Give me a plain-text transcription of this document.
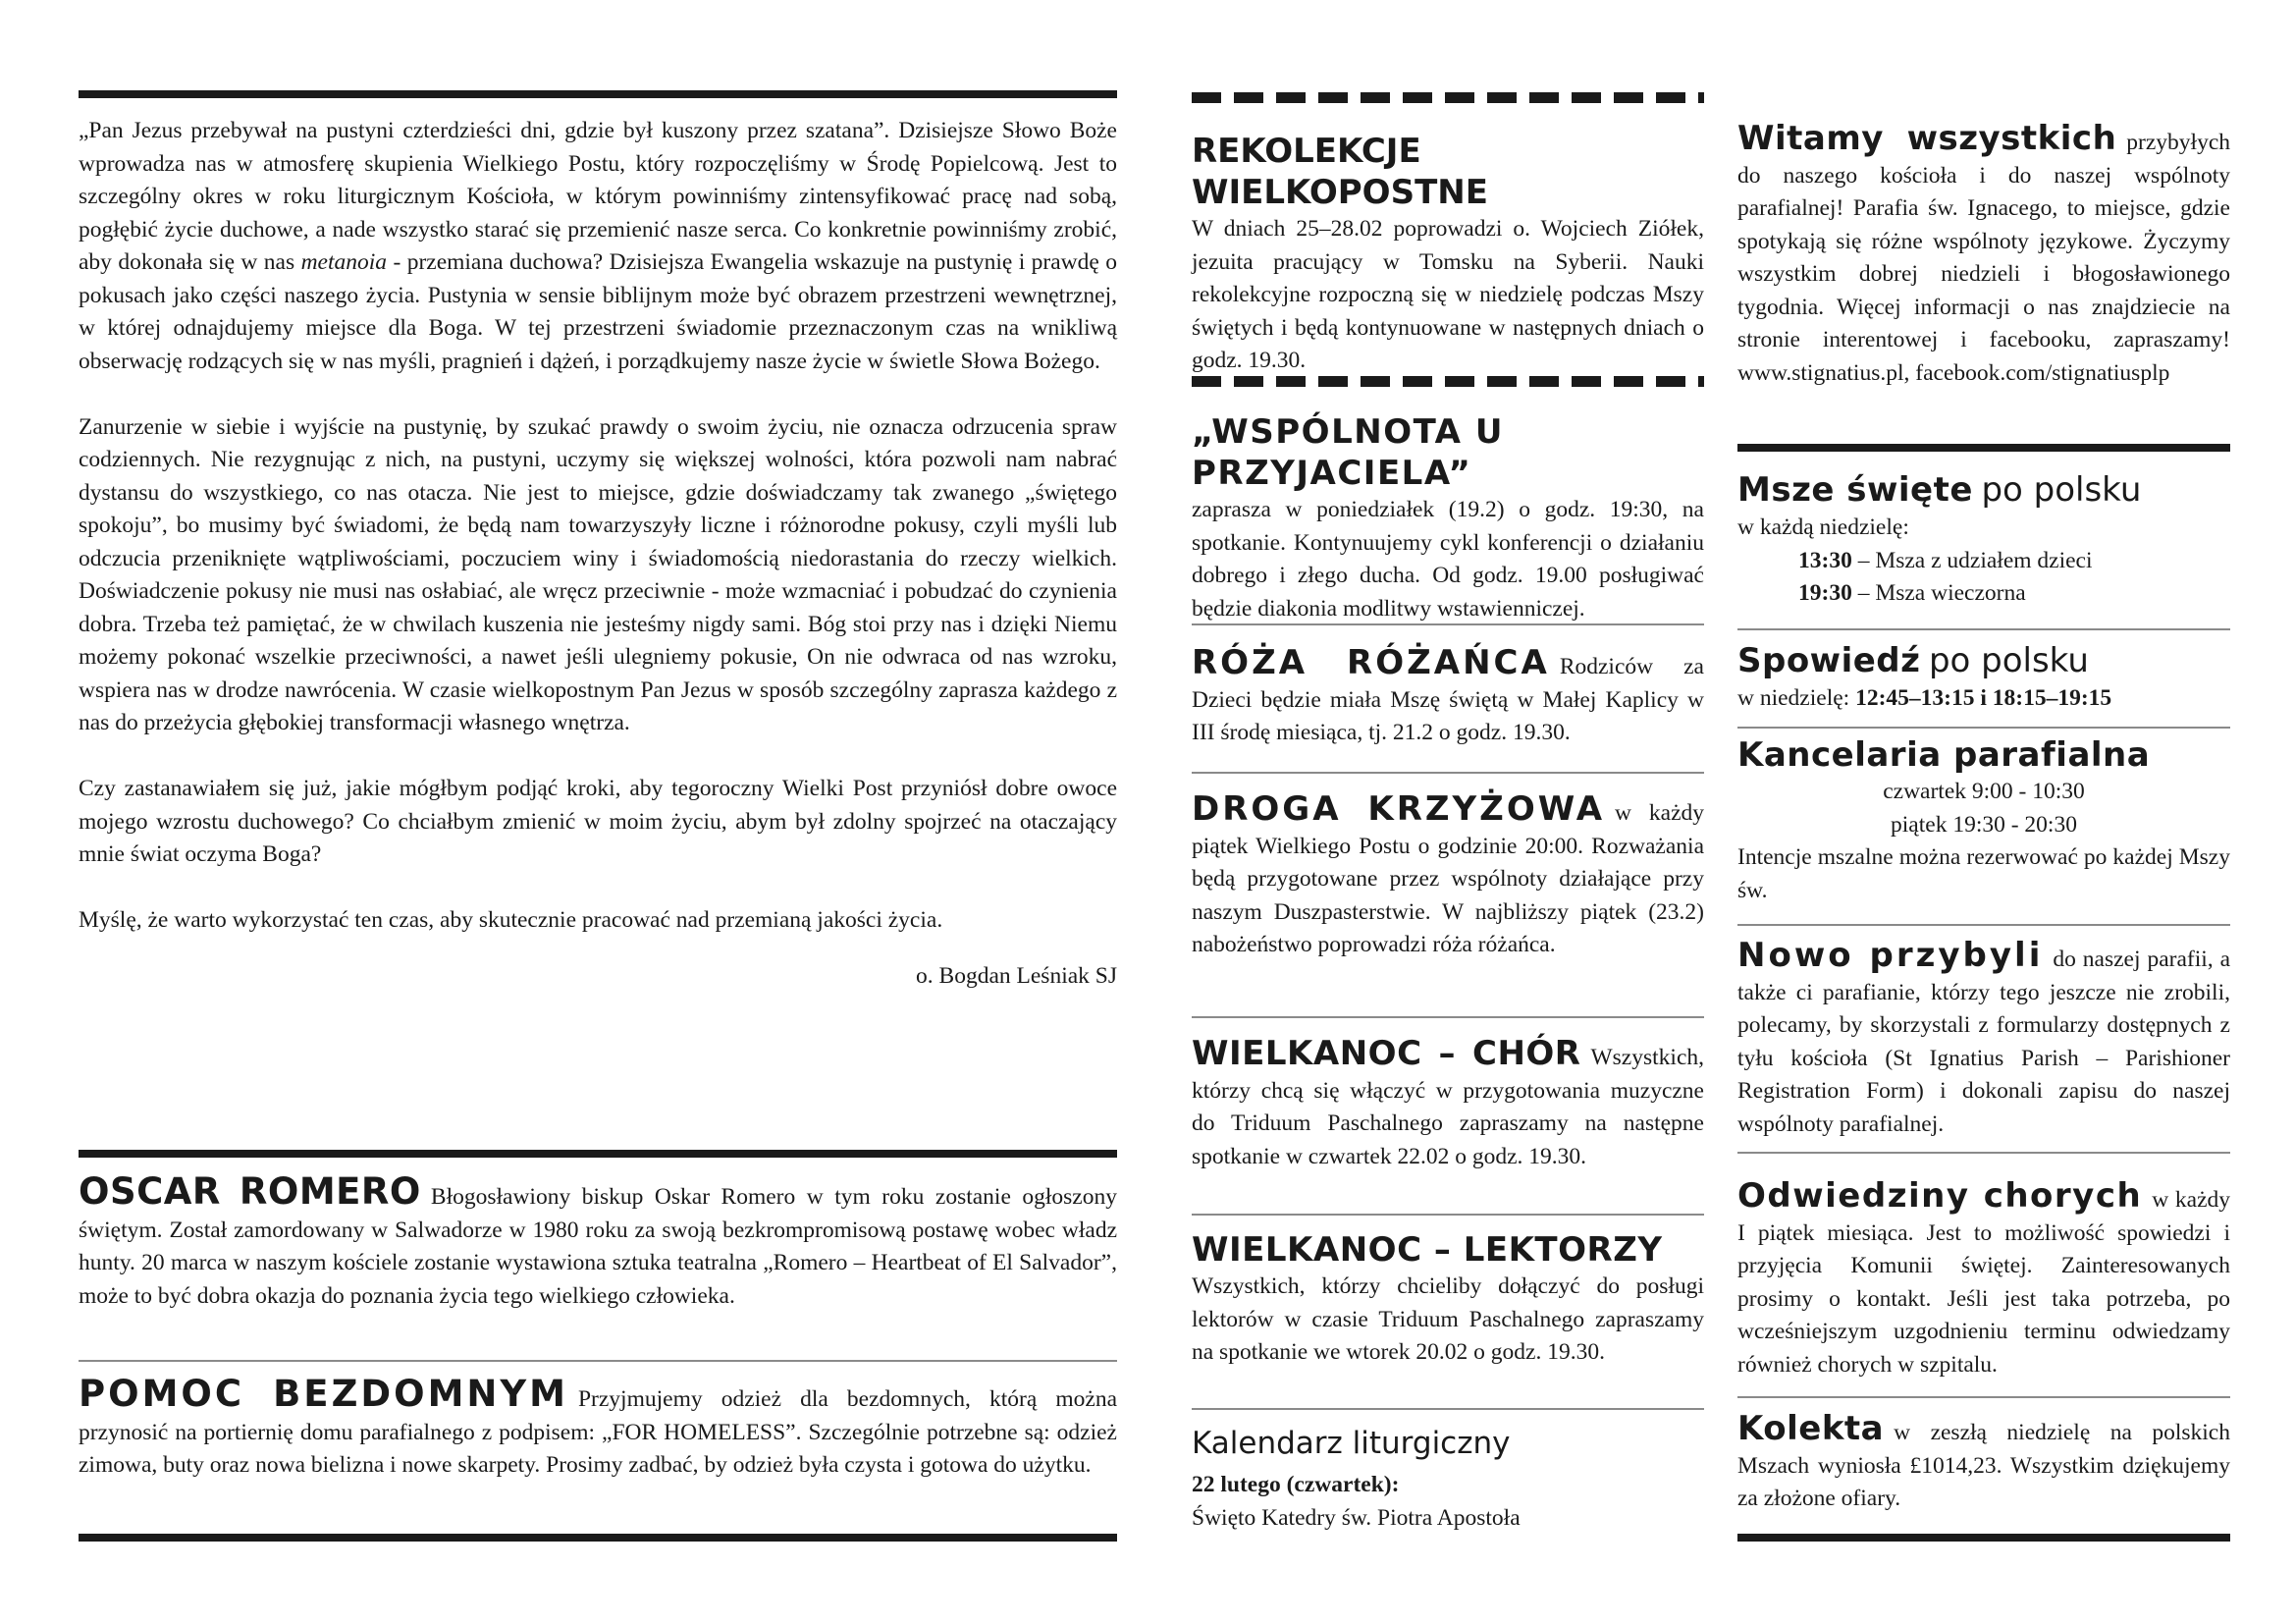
„Pan Jezus przebywał na pustyni czterdzieści dni, gdzie był kuszony przez szatana”. Dzisiejsze Słowo Boże wprowadza nas w atmosferę skupienia Wielkiego Postu, który rozpoczęliśmy w Środę Popielcową. Jest to szczególny okres w roku liturgicznym Kościoła, w którym powinniśmy zintensyfikować pracę nad sobą, pogłębić życie duchowe, a nade wszystko starać się przemienić nasze serca. Co konkretnie powinniśmy zrobić, aby dokonała się w nas metanoia - przemiana duchowa? Dzisiejsza Ewangelia wskazuje na pustynię i prawdę o pokusach jako części naszego życia. Pustynia w sensie biblijnym może być obrazem przestrzeni wewnętrznej, w której odnajdujemy miejsce dla Boga. W tej przestrzeni świadomie przeznaczonym czas na wnikliwą obserwację rodzących się w nas myśli, pragnień i dążeń, i porządkujemy nasze życie w świetle Słowa Bożego.

Zanurzenie w siebie i wyjście na pustynię, by szukać prawdy o swoim życiu, nie oznacza odrzucenia spraw codziennych. Nie rezygnując z nich, na pustyni, uczymy się większej wolności, która pozwoli nam nabrać dystansu do wszystkiego, co nas otacza. Nie jest to miejsce, gdzie doświadczamy tak zwanego „świętego spokoju”, bo musimy być świadomi, że będą nam towarzyszyły liczne i różnorodne pokusy, czyli myśli lub odczucia przeniknięte wątpliwościami, poczuciem winy i świadomością niedorastania do rzeczy wielkich. Doświadczenie pokusy nie musi nas osłabiać, ale wręcz przeciwnie - może wzmacniać i pobudzać do czynienia dobra. Trzeba też pamiętać, że w chwilach kuszenia nie jesteśmy nigdy sami. Bóg stoi przy nas i dzięki Niemu możemy pokonać wszelkie przeciwności, a nawet jeśli ulegniemy pokusie, On nie odwraca od nas wzroku, wspiera nas w drodze nawrócenia. W czasie wielkopostnym Pan Jezus w sposób szczególny zaprasza każdego z nas do przeżycia głębokiej transformacji własnego wnętrza.

Czy zastanawiałem się już, jakie mógłbym podjąć kroki, aby tegoroczny Wielki Post przyniósł dobre owoce mojego wzrostu duchowego? Co chciałbym zmienić w moim życiu, abym był zdolny spojrzeć na otaczający mnie świat oczyma Boga?

Myślę, że warto wykorzystać ten czas, aby skutecznie pracować nad przemianą jakości życia.

o. Bogdan Leśniak SJ

OSCAR ROMERO Błogosławiony biskup Oskar Romero w tym roku zostanie ogłoszony świętym. Został zamordowany w Salwadorze w 1980 roku za swoją bezkrompromisową postawę wobec władz hunty. 20 marca w naszym kościele zostanie wystawiona sztuka teatralna „Romero – Heartbeat of El Salvador”, może to być dobra okazja do poznania życia tego wielkiego człowieka.

POMOC BEZDOMNYM Przyjmujemy odzież dla bezdomnych, którą można przynosić na portiernię domu parafialnego z podpisem: „FOR HOMELESS”. Szczególnie potrzebne są: odzież zimowa, buty oraz nowa bielizna i nowe skarpety. Prosimy zadbać, by odzież była czysta i gotowa do użytku.

REKOLEKCJE WIELKOPOSTNE

W dniach 25–28.02 poprowadzi o. Wojciech Ziółek, jezuita pracujący w Tomsku na Syberii. Nauki rekolekcyjne rozpoczną się w niedzielę podczas Mszy świętych i będą kontynuowane w następnych dniach o godz. 19.30.

„WSPÓLNOTA U PRZYJACIELA”

zaprasza w poniedziałek (19.2) o godz. 19:30, na spotkanie. Kontynuujemy cykl konferencji o działaniu dobrego i złego ducha. Od godz. 19.00 posługiwać będzie diakonia modlitwy wstawienniczej.

RÓŻA RÓŻAŃCA Rodziców za Dzieci będzie miała Mszę świętą w Małej Kaplicy w III środę miesiąca, tj. 21.2 o godz. 19.30.

DROGA KRZYŻOWA w każdy piątek Wielkiego Postu o godzinie 20:00. Rozważania będą przygotowane przez wspólnoty działające przy naszym Duszpasterstwie. W najbliższy piątek (23.2) nabożeństwo poprowadzi róża różańca.

WIELKANOC – CHÓR Wszystkich, którzy chcą się włączyć w przygotowania muzyczne do Triduum Paschalnego zapraszamy na następne spotkanie w czwartek 22.02 o godz. 19.30.

WIELKANOC – LEKTORZY

Wszystkich, którzy chcieliby dołączyć do posługi lektorów w czasie Triduum Paschalnego zapraszamy na spotkanie we wtorek 20.02 o godz. 19.30.

Kalendarz liturgiczny

22 lutego (czwartek):

Święto Katedry św. Piotra Apostoła

Witamy wszystkich przybyłych do naszego kościoła i do naszej wspólnoty parafialnej! Parafia św. Ignacego, to miejsce, gdzie spotykają się różne wspólnoty językowe. Życzymy wszystkim dobrej niedzieli i błogosławionego tygodnia. Więcej informacji o nas znajdziecie na stronie interentowej i facebooku, zapraszamy! www.stignatius.pl, facebook.com/stignatiusplp

Msze święte po polsku

w każdą niedzielę:

13:30 – Msza z udziałem dzieci

19:30 – Msza wieczorna

Spowiedź po polsku

w niedzielę: 12:45–13:15 i 18:15–19:15

Kancelaria parafialna

czwartek 9:00 - 10:30

piątek 19:30 - 20:30

Intencje mszalne można rezerwować po każdej Mszy św.

Nowo przybyli do naszej parafii, a także ci parafianie, którzy tego jeszcze nie zrobili, polecamy, by skorzystali z formularzy dostępnych z tyłu kościoła (St Ignatius Parish – Parishioner Registration Form) i dokonali zapisu do naszej wspólnoty parafialnej.

Odwiedziny chorych w każdy I piątek miesiąca. Jest to możliwość spowiedzi i przyjęcia Komunii świętej. Zainteresowanych prosimy o kontakt. Jeśli jest taka potrzeba, po wcześniejszym uzgodnieniu terminu odwiedzamy również chorych w szpitalu.

Kolekta w zeszłą niedzielę na polskich Mszach wyniosła £1014,23. Wszystkim dziękujemy za złożone ofiary.
